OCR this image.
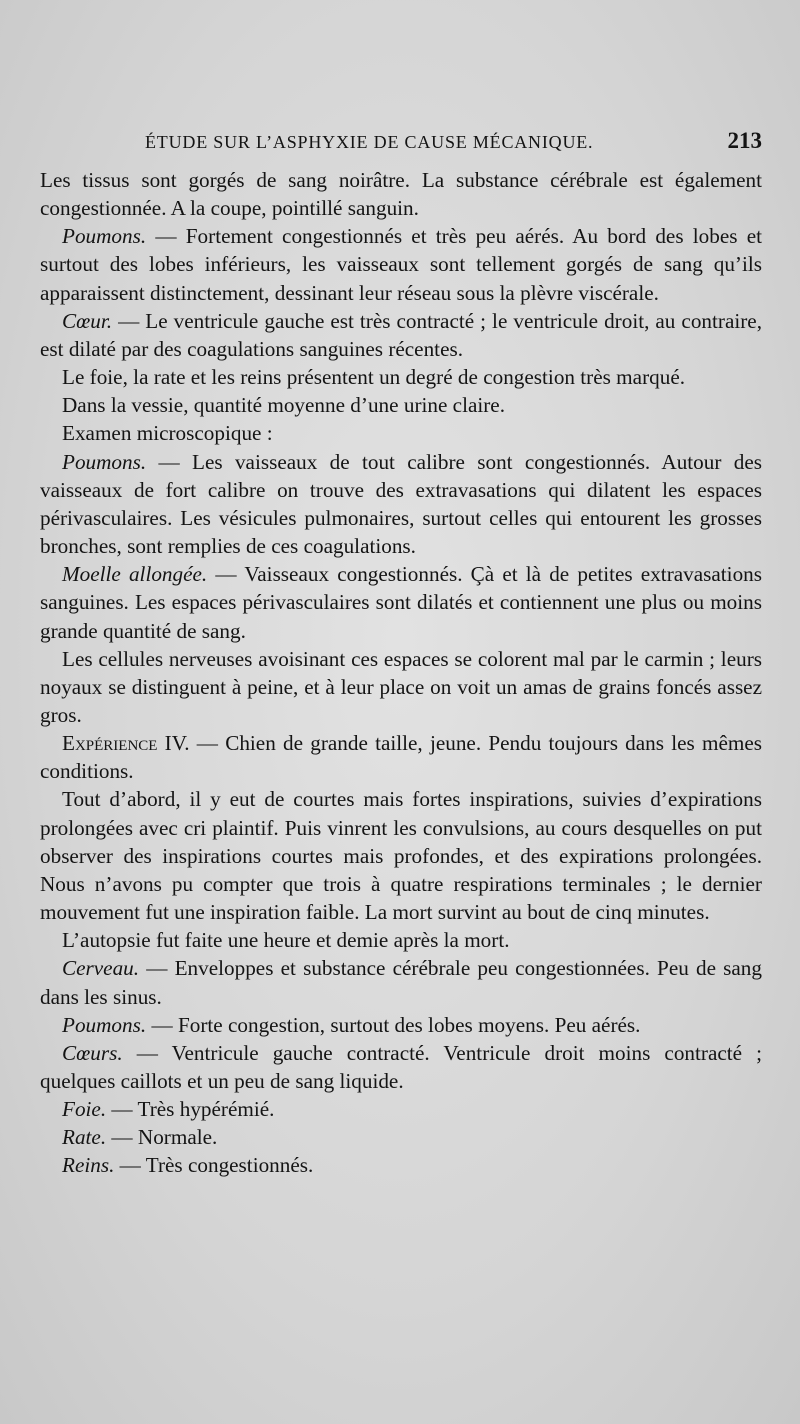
ÉTUDE SUR L’ASPHYXIE DE CAUSE MÉCANIQUE.	213

Les tissus sont gorgés de sang noirâtre. La substance cérébrale est également congestionnée. A la coupe, pointillé sanguin.

Poumons. — Fortement congestionnés et très peu aérés. Au bord des lobes et surtout des lobes inférieurs, les vaisseaux sont tellement gorgés de sang qu’ils apparaissent distinctement, dessinant leur réseau sous la plèvre viscérale.

Cœur. — Le ventricule gauche est très contracté ; le ventricule droit, au contraire, est dilaté par des coagulations sanguines récentes.

Le foie, la rate et les reins présentent un degré de congestion très marqué.

Dans la vessie, quantité moyenne d’une urine claire.

Examen microscopique :

Poumons. — Les vaisseaux de tout calibre sont congestionnés. Autour des vaisseaux de fort calibre on trouve des extravasations qui dilatent les espaces périvasculaires. Les vésicules pulmonaires, surtout celles qui entourent les grosses bronches, sont remplies de ces coagulations.

Moelle allongée. — Vaisseaux congestionnés. Çà et là de petites extravasations sanguines. Les espaces périvasculaires sont dilatés et contiennent une plus ou moins grande quantité de sang.

Les cellules nerveuses avoisinant ces espaces se colorent mal par le carmin ; leurs noyaux se distinguent à peine, et à leur place on voit un amas de grains foncés assez gros.

Expérience IV. — Chien de grande taille, jeune. Pendu toujours dans les mêmes conditions.

Tout d’abord, il y eut de courtes mais fortes inspirations, suivies d’expirations prolongées avec cri plaintif. Puis vinrent les convulsions, au cours desquelles on put observer des inspirations courtes mais profondes, et des expirations prolongées. Nous n’avons pu compter que trois à quatre respirations terminales ; le dernier mouvement fut une inspiration faible. La mort survint au bout de cinq minutes.

L’autopsie fut faite une heure et demie après la mort.

Cerveau. — Enveloppes et substance cérébrale peu congestionnées. Peu de sang dans les sinus.

Poumons. — Forte congestion, surtout des lobes moyens. Peu aérés.

Cœurs. — Ventricule gauche contracté. Ventricule droit moins contracté ; quelques caillots et un peu de sang liquide.

Foie. — Très hypérémié.

Rate. — Normale.

Reins. — Très congestionnés.
